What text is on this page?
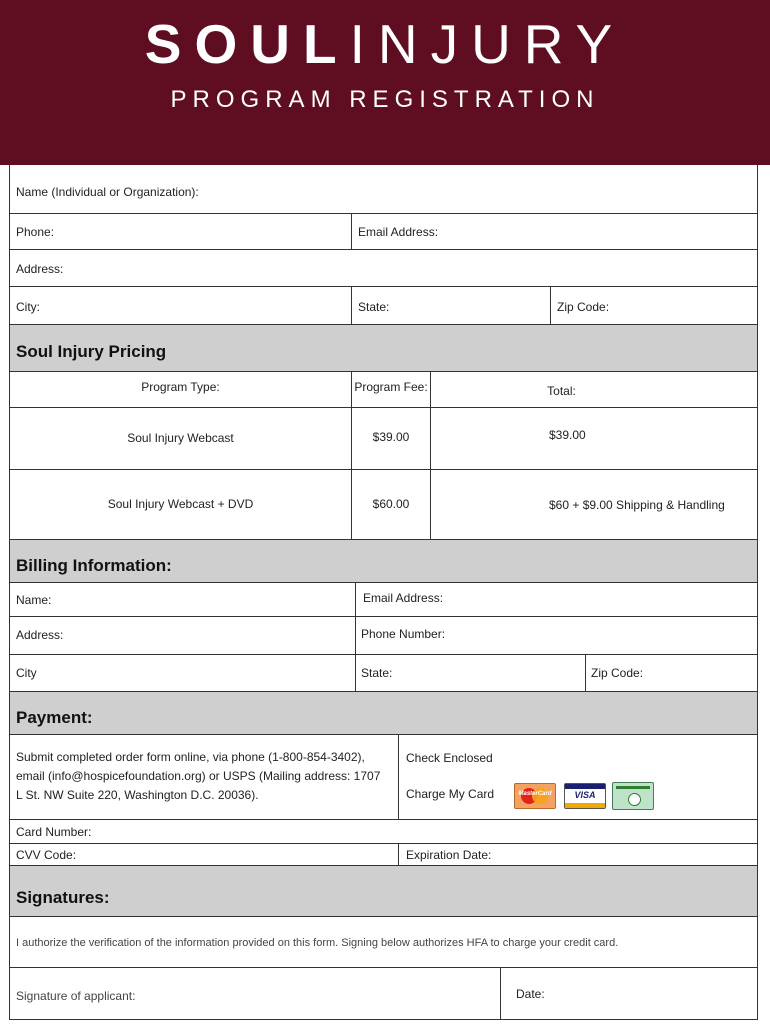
SOULINJURY
PROGRAM REGISTRATION
Name (Individual or Organization):
Phone:	Email Address:
Address:
City:	State:	Zip Code:
Soul Injury Pricing
Program Type:	Program Fee:	Total:
Soul Injury Webcast	$39.00	$39.00
Soul Injury Webcast + DVD	$60.00	$60 + $9.00 Shipping & Handling
Billing Information:
Name:	Email Address:
Address:	Phone Number:
City	State:	Zip Code:
Payment:
Submit completed order form online, via phone (1-800-854-3402),
email (info@hospicefoundation.org) or USPS (Mailing address: 1707
L St. NW Suite 220, Washington D.C. 20036).
Check Enclosed
Charge My Card	MasterCard	VISA
Card Number:
CVV Code:	Expiration Date:
Signatures:
I authorize the verification of the information provided on this form. Signing below authorizes HFA to charge your credit card.
Signature of applicant:	Date:
